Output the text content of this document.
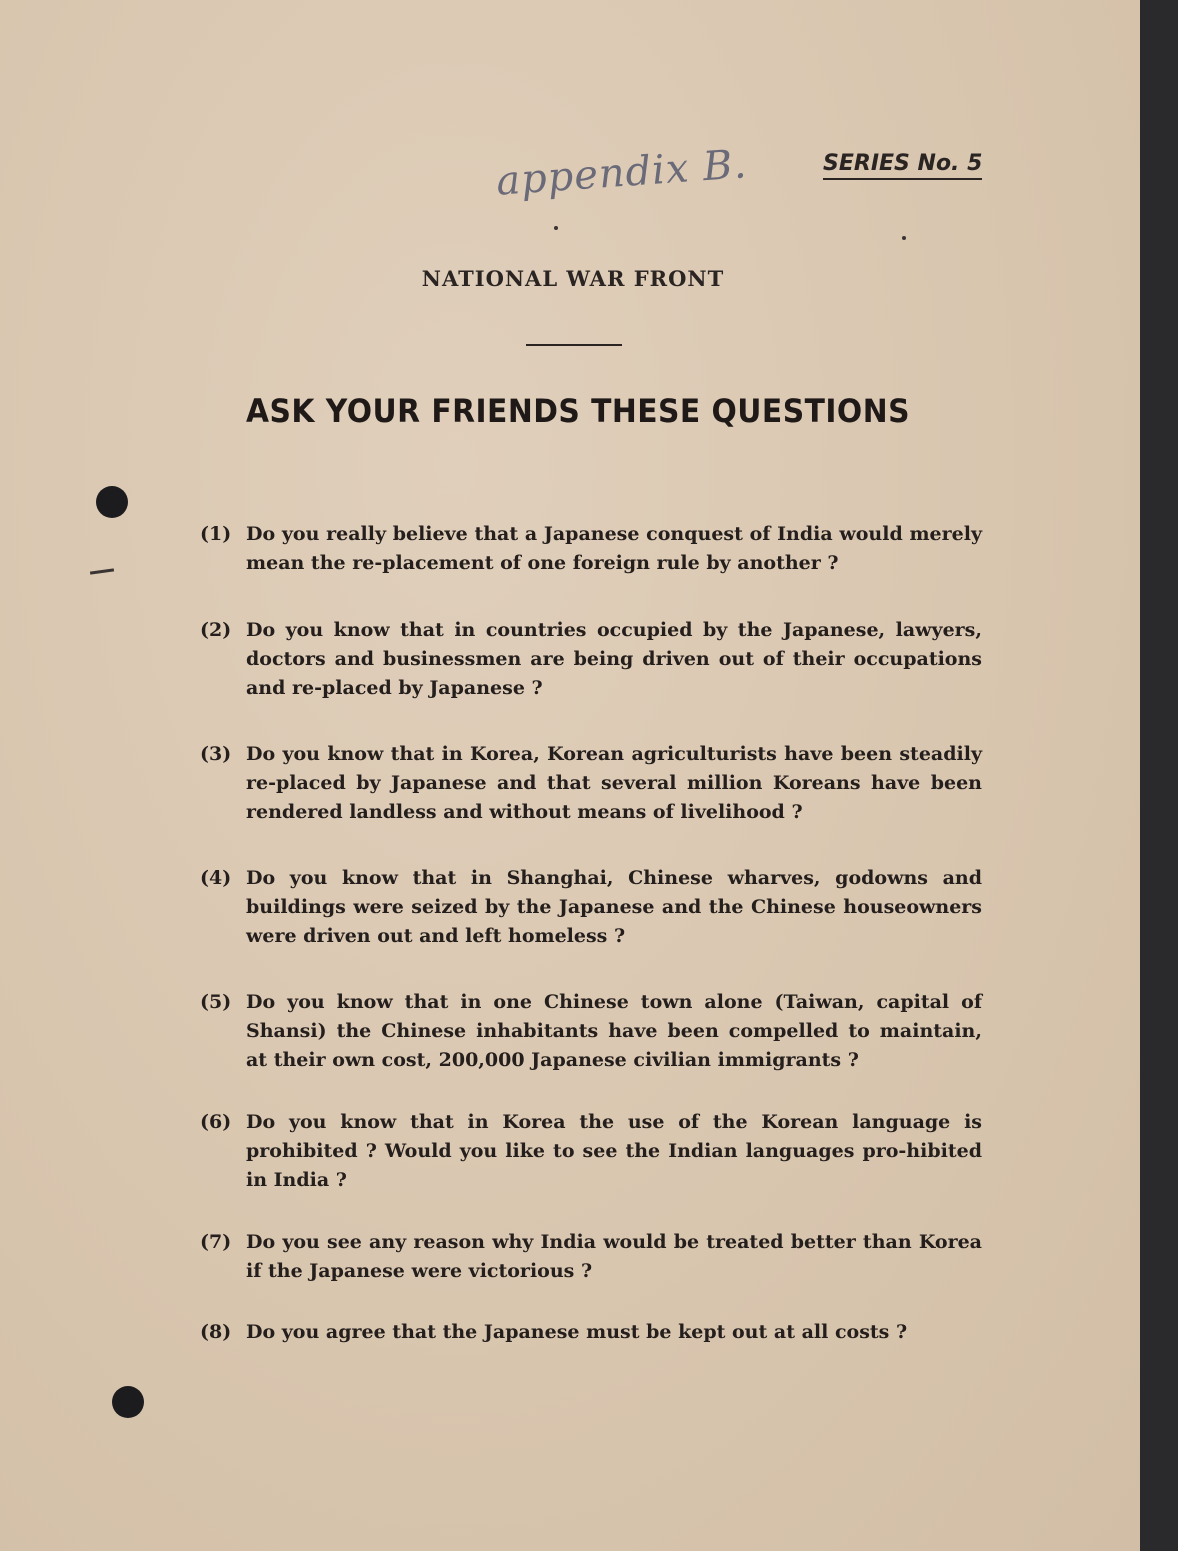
appendix B.	SERIES No. 5
NATIONAL WAR FRONT
ASK YOUR FRIENDS THESE QUESTIONS
(1) Do you really believe that a Japanese conquest of India would merely mean the re-placement of one foreign rule by another ?
(2) Do you know that in countries occupied by the Japanese, lawyers, doctors and businessmen are being driven out of their occupations and re-placed by Japanese ?
(3) Do you know that in Korea, Korean agriculturists have been steadily re-placed by Japanese and that several million Koreans have been rendered landless and without means of livelihood ?
(4) Do you know that in Shanghai, Chinese wharves, godowns and buildings were seized by the Japanese and the Chinese houseowners were driven out and left homeless ?
(5) Do you know that in one Chinese town alone (Taiwan, capital of Shansi) the Chinese inhabitants have been compelled to maintain, at their own cost, 200,000 Japanese civilian immigrants ?
(6) Do you know that in Korea the use of the Korean language is prohibited ? Would you like to see the Indian languages pro-hibited in India ?
(7) Do you see any reason why India would be treated better than Korea if the Japanese were victorious ?
(8) Do you agree that the Japanese must be kept out at all costs ?
